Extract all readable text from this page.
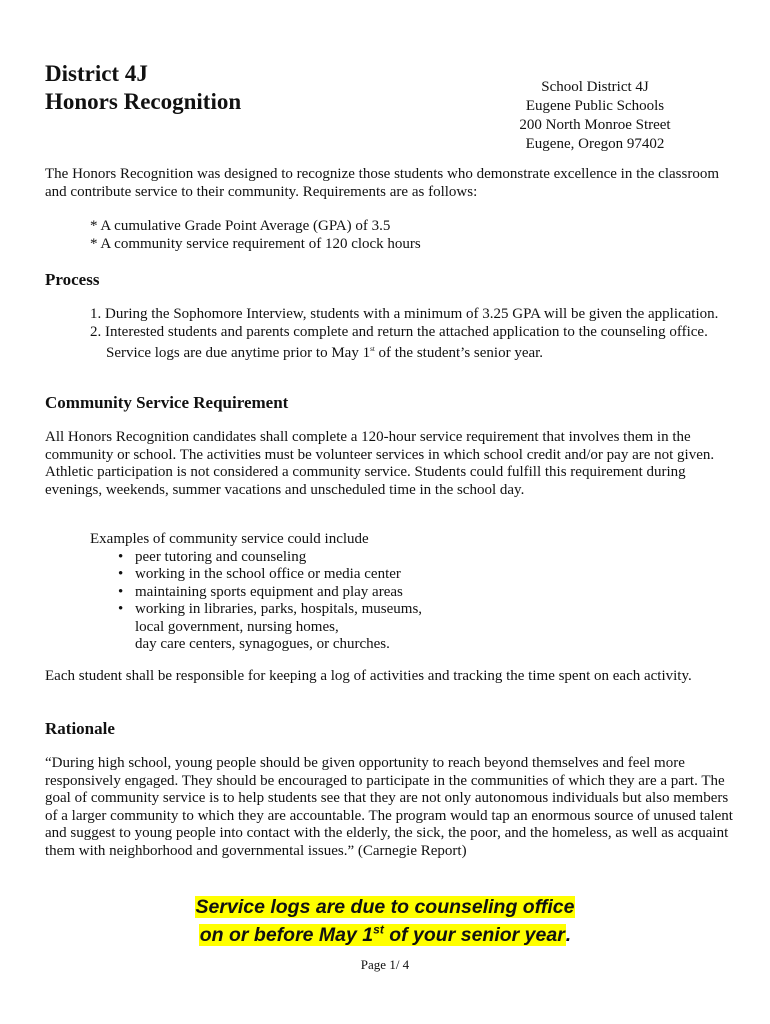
District 4J
Honors Recognition
School District 4J
Eugene Public Schools
200 North Monroe Street
Eugene, Oregon 97402
The Honors Recognition was designed to recognize those students who demonstrate excellence in the classroom and contribute service to their community. Requirements are as follows:
* A cumulative Grade Point Average (GPA) of 3.5
* A community service requirement of 120 clock hours
Process
1. During the Sophomore Interview, students with a minimum of 3.25 GPA will be given the application.
2. Interested students and parents complete and return the attached application to the counseling office. Service logs are due anytime prior to May 1st of the student’s senior year.
Community Service Requirement
All Honors Recognition candidates shall complete a 120-hour service requirement that involves them in the community or school. The activities must be volunteer services in which school credit and/or pay are not given. Athletic participation is not considered a community service. Students could fulfill this requirement during evenings, weekends, summer vacations and unscheduled time in the school day.
Examples of community service could include
• peer tutoring and counseling
• working in the school office or media center
• maintaining sports equipment and play areas
• working in libraries, parks, hospitals, museums,
local government, nursing homes,
day care centers, synagogues, or churches.
Each student shall be responsible for keeping a log of activities and tracking the time spent on each activity.
Rationale
“During high school, young people should be given opportunity to reach beyond themselves and feel more responsively engaged. They should be encouraged to participate in the communities of which they are a part. The goal of community service is to help students see that they are not only autonomous individuals but also members of a larger community to which they are accountable. The program would tap an enormous source of unused talent and suggest to young people into contact with the elderly, the sick, the poor, and the homeless, as well as acquaint them with neighborhood and governmental issues.” (Carnegie Report)
Service logs are due to counseling office
on or before May 1st of your senior year.
Page 1/ 4
